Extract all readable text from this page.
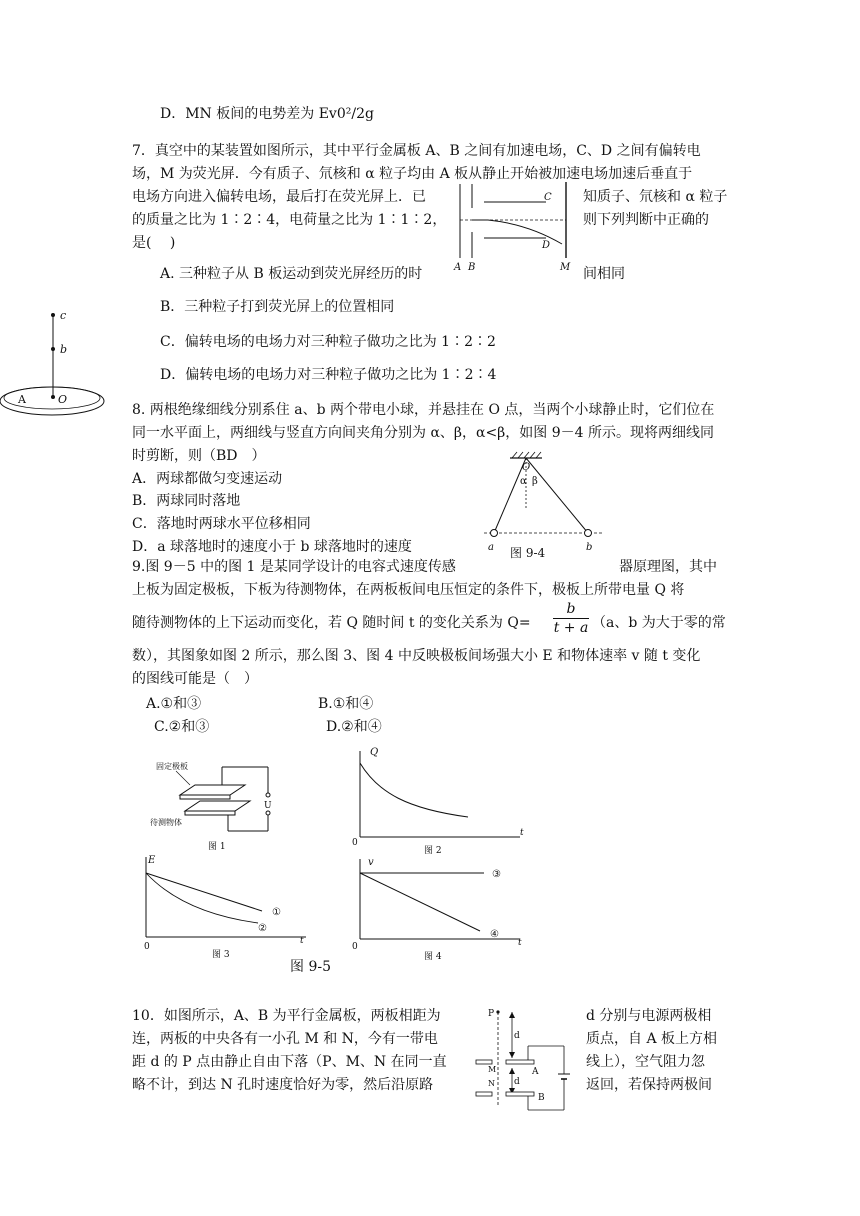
D．MN 板间的电势差为 Ev0²/2g
7．真空中的某装置如图所示，其中平行金属板 A、B 之间有加速电场，C、D 之间有偏转电
场，M 为荧光屏．今有质子、氘核和 α 粒子均由 A 板从静止开始被加速电场加速后垂直于
电场方向进入偏转电场，最后打在荧光屏上．已	知质子、氘核和 α 粒子
的质量之比为 1∶2∶4，电荷量之比为 1∶1∶2，	则下列判断中正确的
是(　 )
A. 三种粒子从 B 板运动到荧光屏经历的时	间相同
B．三种粒子打到荧光屏上的位置相同
C．偏转电场的电场力对三种粒子做功之比为 1∶2∶2
D．偏转电场的电场力对三种粒子做功之比为 1∶2∶4
C
D
A B	M
c
b
A	O
8. 两根绝缘细线分别系住 a、b 两个带电小球，并悬挂在 O 点，当两个小球静止时，它们位在
同一水平面上，两细线与竖直方向间夹角分别为 α、β，α<β，如图 9－4 所示。现将两细线同
时剪断，则（BD　）
A．两球都做匀变速运动
B．两球同时落地
C．落地时两球水平位移相同
D．a 球落地时的速度小于 b 球落地时的速度
O
α β
a	b
图 9-4
9.图 9－5 中的图 1 是某同学设计的电容式速度传感	器原理图，其中
上板为固定极板，下板为待测物体，在两板板间电压恒定的条件下，极板上所带电量 Q 将
随待测物体的上下运动而变化，若 Q 随时间 t 的变化关系为 $Q= \frac{b}{t + a} (a$、b 为大于零的常
数），其图象如图 2 所示，那么图 3、图 4 中反映极板间场强大小 E 和物体速率 v 随 t 变化
的图线可能是（　）
A.①和③	B.①和④
C.②和③	D.②和④
固定极板
待测物体
U
图 1
Q
t
0
图 2
E
t
0
①
②
图 3
v
t
0
③
④
图 4
图 9-5
10．如图所示，A、B 为平行金属板，两板相距为	d 分别与电源两极相
连，两板的中央各有一小孔 M 和 N，今有一带电	质点，自 A 板上方相
距 d 的 P 点由静止自由下落（P、M、N 在同一直	线上），空气阻力忽
略不计，到达 N 孔时速度恰好为零，然后沿原路	返回，若保持两极间
P
d
d
M
N
A
B
